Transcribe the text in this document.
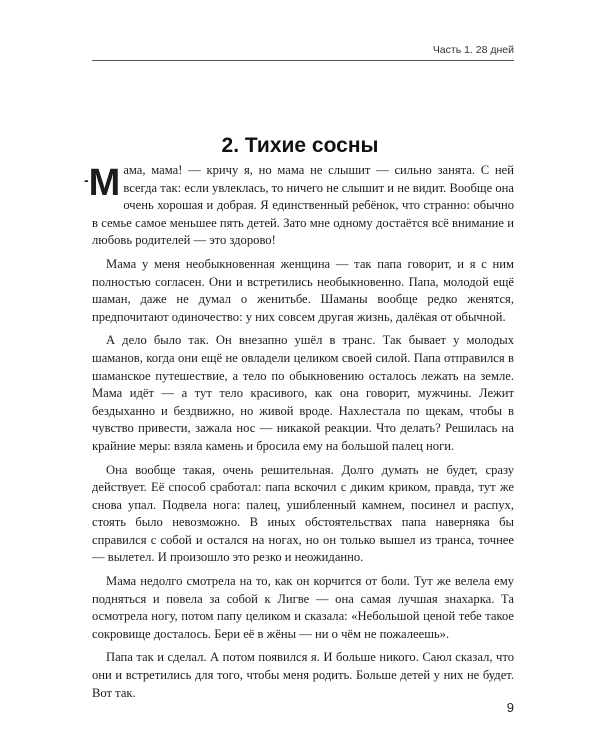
Часть 1. 28 дней
2. Тихие сосны

-М ама, мама! — кричу я, но мама не слышит — сильно занята. С ней всегда так: если увлеклась, то ничего не слышит и не видит. Вообще она очень хорошая и добрая. Я единственный ребёнок, что странно: обычно в семье самое меньшее пять детей. Зато мне одному достаётся всё внимание и любовь родителей — это здорово!

Мама у меня необыкновенная женщина — так папа говорит, и я с ним полностью согласен. Они и встретились необыкновенно. Папа, молодой ещё шаман, даже не думал о женитьбе. Шаманы вообще редко женятся, предпочитают одиночество: у них совсем другая жизнь, далёкая от обычной.

А дело было так. Он внезапно ушёл в транс. Так бывает у молодых шаманов, когда они ещё не овладели целиком своей силой. Папа отправился в шаманское путешествие, а тело по обыкновению осталось лежать на земле. Мама идёт — а тут тело красивого, как она говорит, мужчины. Лежит бездыханно и бездвижно, но живой вроде. Нахлестала по щекам, чтобы в чувство привести, зажала нос — никакой реакции. Что делать? Решилась на крайние меры: взяла камень и бросила ему на большой палец ноги.

Она вообще такая, очень решительная. Долго думать не будет, сразу действует. Её способ сработал: папа вскочил с диким криком, правда, тут же снова упал. Подвела нога: палец, ушибленный камнем, посинел и распух, стоять было невозможно. В иных обстоятельствах папа наверняка бы справился с собой и остался на ногах, но он только вышел из транса, точнее — вылетел. И произошло это резко и неожиданно.

Мама недолго смотрела на то, как он корчится от боли. Тут же велела ему подняться и повела за собой к Лигве — она самая лучшая знахарка. Та осмотрела ногу, потом папу целиком и сказала: «Небольшой ценой тебе такое сокровище досталось. Бери её в жёны — ни о чём не пожалеешь».

Папа так и сделал. А потом появился я. И больше никого. Саюл сказал, что они и встретились для того, чтобы меня родить. Больше детей у них не будет. Вот так.

9
